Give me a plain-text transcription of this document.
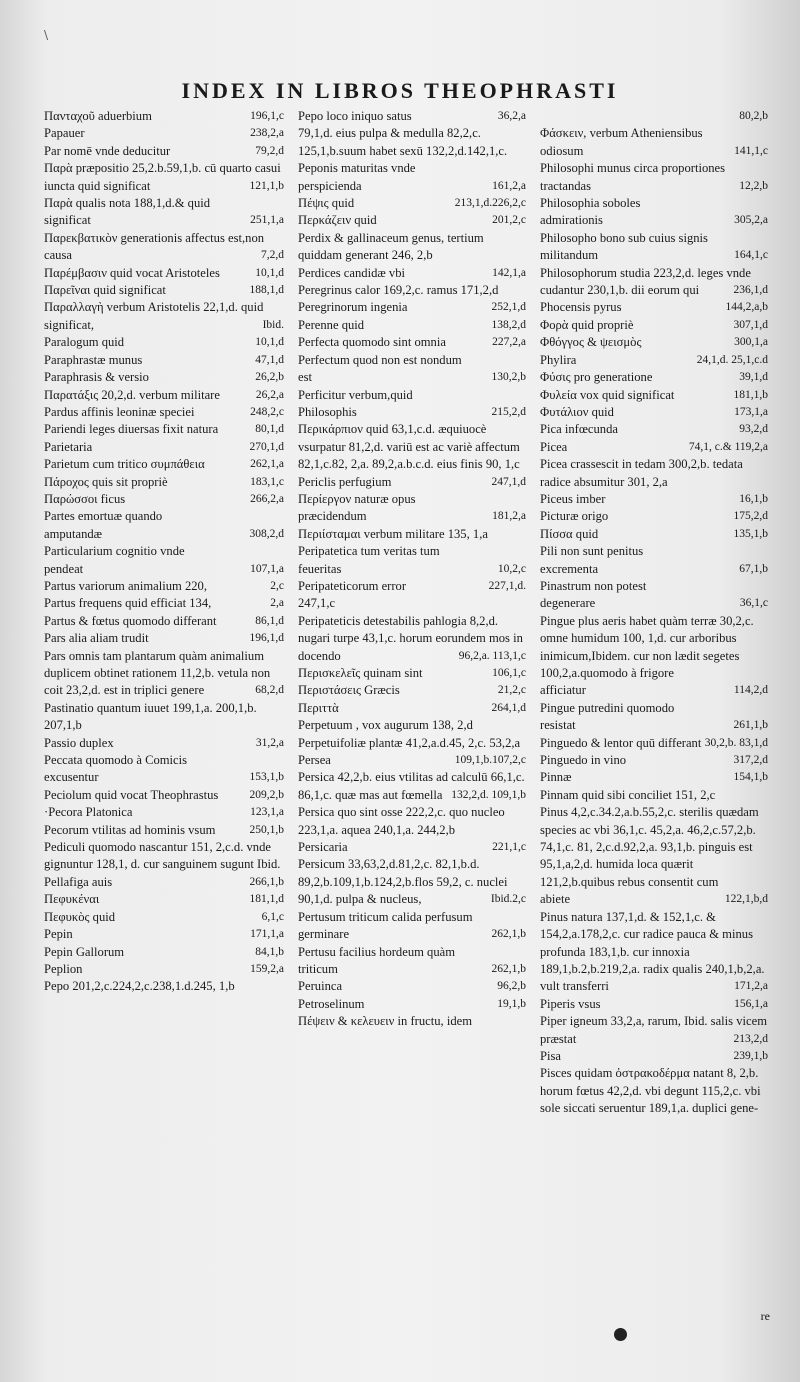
\
INDEX IN LIBROS THEOPHRASTI

Πανταχοῦ aduerbium	196,1,c

Papauer	238,2,a

Par nomē vnde deducitur	79,2,d

Παρὰ præpositio 25,2.b.59,1,b. cū quarto casui iuncta quid significat	121,1,b

Παρὰ qualis nota 188,1,d.& quid significat	251,1,a

Παρεκβατικὸν generationis affectus est,non causa	7,2,d

Παρέμβασιν quid vocat Aristoteles	10,1,d

Παρεῖναι quid significat	188,1,d

Παραλλαγὴ verbum Aristotelis 22,1,d. quid significat,	Ibid.

Paralogum quid	10,1,d

Paraphrastæ munus	47,1,d

Paraphrasis & versio	26,2,b

Παρατάξις 20,2,d. verbum militare	26,2,a

Pardus affinis leoninæ speciei	248,2,c

Pariendi leges diuersas fixit natura	80,1,d

Parietaria	270,1,d

Parietum cum tritico συμπάθεια	262,1,a

Πάροχος quis sit propriè	183,1,c

Παρώσσοι ficus	266,2,a

Partes emortuæ quando amputandæ	308,2,d

Particularium cognitio vnde pendeat	107,1,a

Partus variorum animalium 220,	2,c

Partus frequens quid efficiat 134,	2,a

Partus & fœtus quomodo differant	86,1,d

Pars alia aliam trudit	196,1,d

Pars omnis tam plantarum quàm animalium duplicem obtinet rationem 11,2,b. vetula non coit 23,2,d. est in triplici genere	68,2,d

Pastinatio quantum iuuet 199,1,a. 200,1,b. 207,1,b

Passio duplex	31,2,a

Peccata quomodo à Comicis excusentur	153,1,b

Peciolum quid vocat Theophrastus	209,2,b

·Pecora Platonica	123,1,a

Pecorum vtilitas ad hominis vsum	250,1,b

Pediculi quomodo nascantur 151, 2,c.d. vnde gignuntur 128,1, d. cur sanguinem sugunt Ibid.

Pellafiga auis	266,1,b

Πεφυκέναι	181,1,d

Πεφυκὸς quid	6,1,c

Pepin	171,1,a

Pepin Gallorum	84,1,b

Peplion	159,2,a

Pepo 201,2,c.224,2,c.238,1.d.245, 1,b

Pepo loco iniquo satus	36,2,a

79,1,d. eius pulpa & medulla 82,2,c. 125,1,b.suum habet sexū 132,2,d.142,1,c.

Peponis maturitas vnde perspicienda	161,2,a

Πέψις quid	213,1,d.226,2,c

Περκάζειν quid	201,2,c

Perdix & gallinaceum genus, tertium quiddam generant 246, 2,b

Perdices candidæ vbi	142,1,a

Peregrinus calor 169,2,c. ramus 171,2,d

Peregrinorum ingenia	252,1,d

Perenne quid	138,2,d

Perfecta quomodo sint omnia	227,2,a

Perfectum quod non est nondum est	130,2,b

Perficitur verbum,quid Philosophis	215,2,d

Περικάρπιον quid 63,1,c.d. æquiuocè vsurpatur 81,2,d. variū est ac variè affectum 82,1,c.82, 2,a. 89,2,a.b.c.d. eius finis 90, 1,c

Periclis perfugium	247,1,d

Περίεργον naturæ opus præcidendum	181,2,a

Περιίσταμαι verbum militare 135, 1,a

Peripatetica tum veritas tum feueritas	10,2,c

Peripateticorum error	227,1,d.

247,1,c

Peripateticis detestabilis pahlogia 8,2,d. nugari turpe 43,1,c. horum eorundem mos in docendo	96,2,a. 113,1,c

Περισκελεῖς quinam sint	106,1,c

Περιστάσεις Græcis	21,2,c

Περιττὰ	264,1,d

Perpetuum , vox augurum 138, 2,d

Perpetuifoliæ plantæ 41,2,a.d.45, 2,c. 53,2,a

Persea	109,1,b.107,2,c

Persica 42,2,b. eius vtilitas ad calculū 66,1,c. 86,1,c. quæ mas aut fœmella 132,2,d. 109,1,b

Persica quo sint osse 222,2,c. quo nucleo 223,1,a. aquea 240,1,a. 244,2,b

Persicaria	221,1,c

Persicum 33,63,2,d.81,2,c. 82,1,b.d. 89,2,b.109,1,b.124,2,b.flos 59,2, c. nuclei 90,1,d. pulpa & nucleus,	Ibid.2,c

Pertusum triticum calida perfusum germinare	262,1,b

Pertusu facilius hordeum quàm triticum	262,1,b

Peruinca	96,2,b

Petroselinum	19,1,b

Πέψειν & κελευειν in fructu, idem

80,2,b

Φάσκειν, verbum Atheniensibus odiosum	141,1,c

Philosophi munus circa proportiones tractandas	12,2,b

Philosophia soboles admirationis	305,2,a

Philosopho bono sub cuius signis militandum	164,1,c

Philosophorum studia 223,2,d. leges vnde cudantur 230,1,b. dii eorum qui	236,1,d

Phocensis pyrus	144,2,a,b

Φορὰ quid propriè	307,1,d

Φθόγγος & ψεισμὸς	300,1,a

Phylira	24,1,d. 25,1,c.d

Φύσις pro generatione	39,1,d

Φυλεία vox quid significat	181,1,b

Φυτάλιον quid	173,1,a

Pica infœcunda	93,2,d

Picea	74,1, c.& 119,2,a

Picea crassescit in tedam 300,2,b. tedata radice absumitur 301, 2,a

Piceus imber	16,1,b

Picturæ origo	175,2,d

Πίσσα quid	135,1,b

Pili non sunt penitus excrementa	67,1,b

Pinastrum non potest degenerare	36,1,c

Pingue plus aeris habet quàm terræ 30,2,c. omne humidum 100, 1,d. cur arboribus inimicum,Ibidem. cur non lædit segetes 100,2,a.quomodo à frigore afficiatur	114,2,d

Pingue putredini quomodo resistat	261,1,b

Pinguedo & lentor quū differant 30,2,b. 83,1,d

Pinguedo in vino	317,2,d

Pinnæ	154,1,b

Pinnam quid sibi conciliet 151, 2,c

Pinus 4,2,c.34.2,a.b.55,2,c. sterilis quædam species ac vbi 36,1,c. 45,2,a. 46,2,c.57,2,b. 74,1,c. 81, 2,c.d.92,2,a. 93,1,b. pinguis est 95,1,a,2,d. humida loca quærit 121,2,b.quibus rebus consentit cum abiete	122,1,b,d

Pinus natura 137,1,d. & 152,1,c. & 154,2,a.178,2,c. cur radice pauca & minus profunda 183,1,b. cur innoxia 189,1,b.2,b.219,2,a. radix qualis 240,1,b,2,a. vult transferri	171,2,a

Piperis vsus	156,1,a

Piper igneum 33,2,a, rarum, Ibid. salis vicem præstat	213,2,d

Pisa	239,1,b

Pisces quidam ὀστρακοδέρμα natant 8, 2,b. horum fœtus 42,2,d. vbi degunt 115,2,c. vbi sole siccati seruentur 189,1,a. duplici gene-

re
